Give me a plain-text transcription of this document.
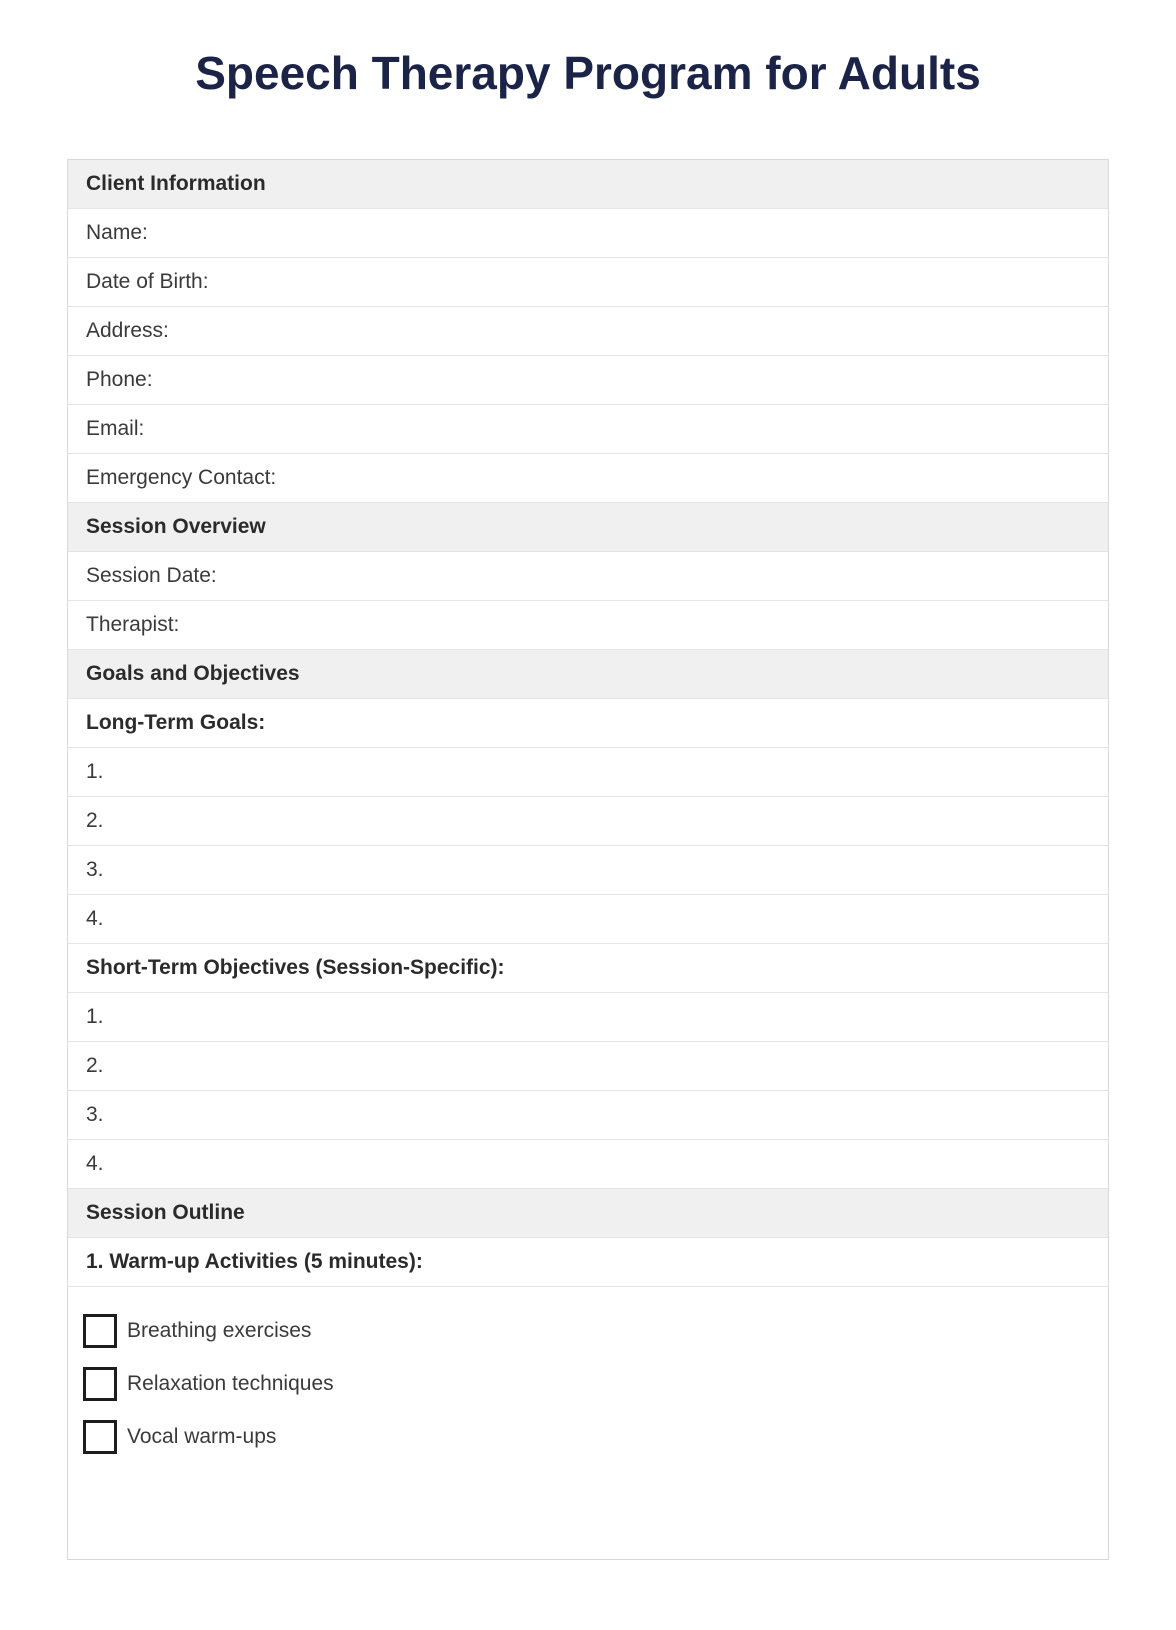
Speech Therapy Program for Adults
Client Information
Name:
Date of Birth:
Address:
Phone:
Email:
Emergency Contact:
Session Overview
Session Date:
Therapist:
Goals and Objectives
Long-Term Goals:
1.
2.
3.
4.
Short-Term Objectives (Session-Specific):
1.
2.
3.
4.
Session Outline
1. Warm-up Activities (5 minutes):
Breathing exercises
Relaxation techniques
Vocal warm-ups
